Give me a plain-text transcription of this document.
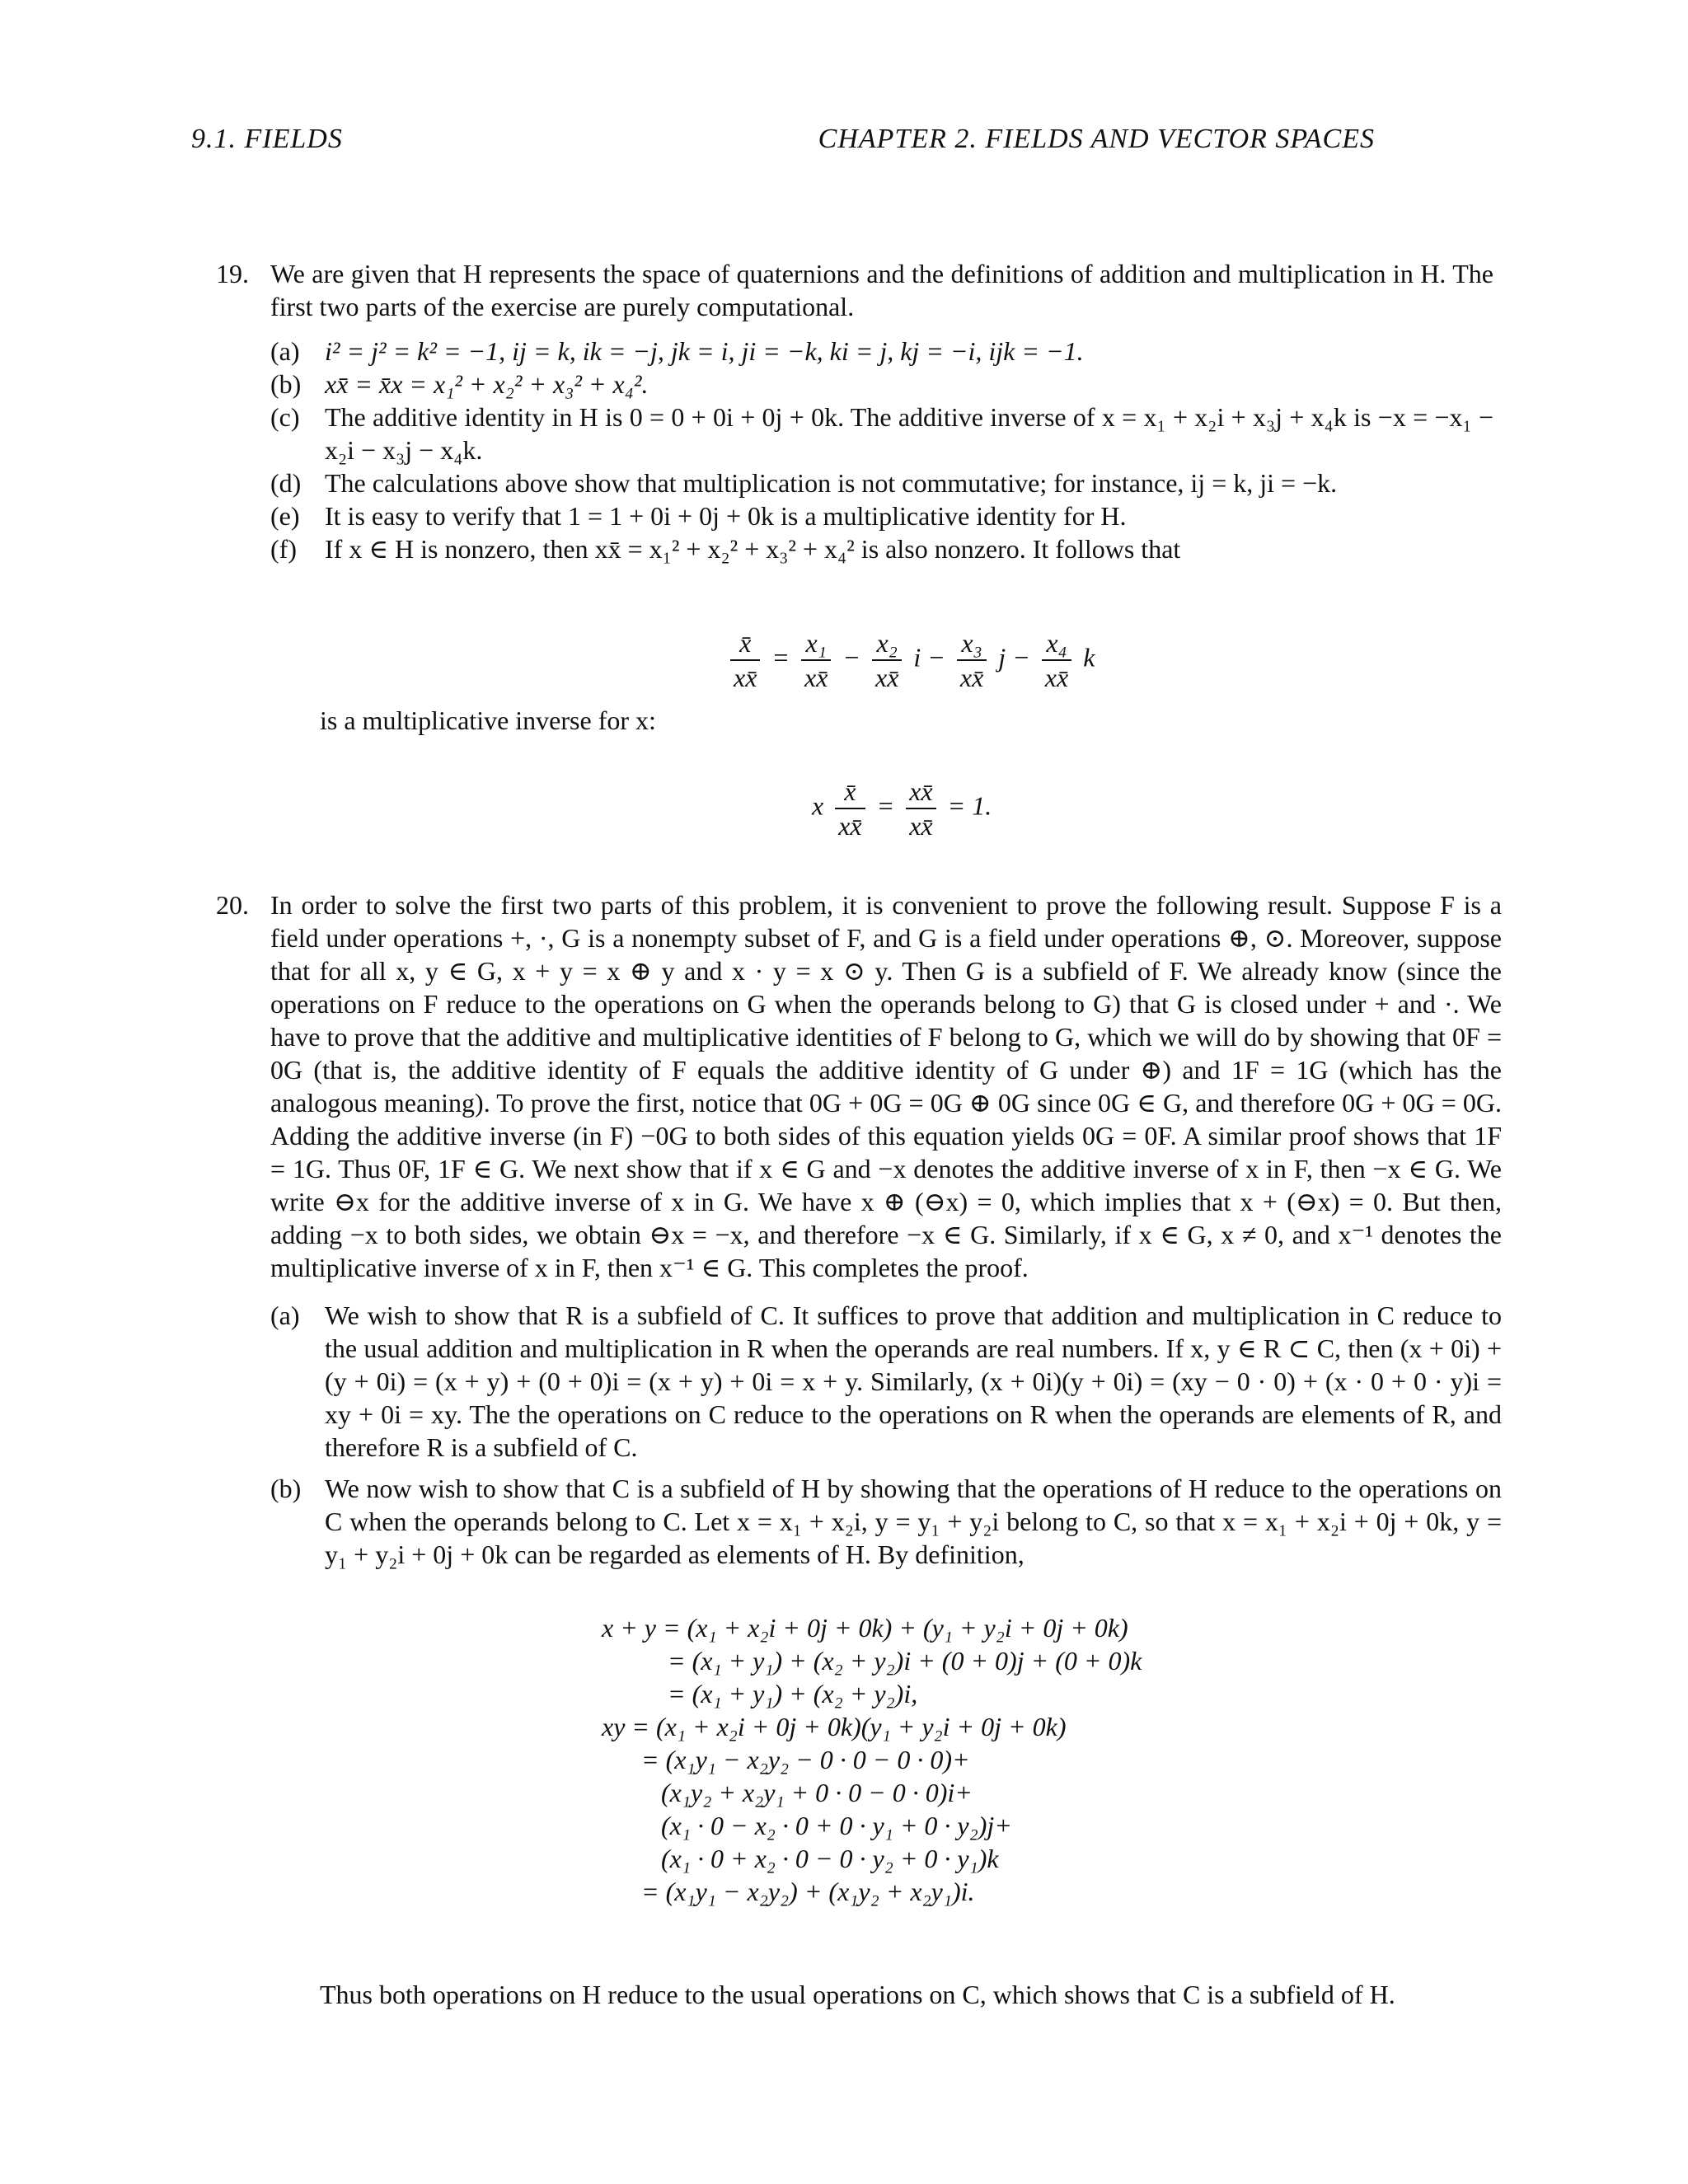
9.1. FIELDS	CHAPTER 2. FIELDS AND VECTOR SPACES
19. We are given that H represents the space of quaternions and the definitions of addition and multiplication in H. The first two parts of the exercise are purely computational.
(a) i² = j² = k² = −1, ij = k, ik = −j, jk = i, ji = −k, ki = j, kj = −i, ijk = −1.
(b) xx̄ = x̄x = x₁² + x₂² + x₃² + x₄².
(c) The additive identity in H is 0 = 0 + 0i + 0j + 0k. The additive inverse of x = x₁ + x₂i + x₃j + x₄k is −x = −x₁ − x₂i − x₃j − x₄k.
(d) The calculations above show that multiplication is not commutative; for instance, ij = k, ji = −k.
(e) It is easy to verify that 1 = 1 + 0i + 0j + 0k is a multiplicative identity for H.
(f)	If x ∈ H is nonzero, then xx̄ = x₁² + x₂² + x₃² + x₄² is also nonzero. It follows that
$\frac{x̄}{xx̄} = \frac{\text{x₁}}{xx̄} - \frac{\text{x₂}}{xx̄}$ $i - \frac{\text{x₃}}{xx̄}$ $j - \frac{\text{x₄}}{xx̄}$ k
is a multiplicative inverse for x:
x $\frac{x̄}{xx̄} = \frac{xx̄}{xx̄} = 1$.
20. In order to solve the first two parts of this problem, it is convenient to prove the following result. Suppose F is a field under operations +, ·, G is a nonempty subset of F, and G is a field under operations ⊕, ⊙. Moreover, suppose that for all x, y ∈ G, x + y = x ⊕ y and x · y = x ⊙ y. Then G is a subfield of F. We already know (since the operations on F reduce to the operations on G when the operands belong to G) that G is closed under + and ·. We have to prove that the additive and multiplicative identities of F belong to G, which we will do by showing that 0F = 0G (that is, the additive identity of F equals the additive identity of G under ⊕) and 1F = 1G (which has the analogous meaning). To prove the first, notice that 0G + 0G = 0G ⊕ 0G since 0G ∈ G, and therefore 0G + 0G = 0G. Adding the additive inverse (in F) −0G to both sides of this equation yields 0G = 0F. A similar proof shows that 1F = 1G. Thus 0F, 1F ∈ G. We next show that if x ∈ G and −x denotes the additive inverse of x in F, then −x ∈ G. We write ⊖x for the additive inverse of x in G. We have x ⊕ (⊖x) = 0, which implies that x + (⊖x) = 0. But then, adding −x to both sides, we obtain ⊖x = −x, and therefore −x ∈ G. Similarly, if x ∈ G, x ≠ 0, and x⁻¹ denotes the multiplicative inverse of x in F, then x⁻¹ ∈ G. This completes the proof.
(a) We wish to show that R is a subfield of C. It suffices to prove that addition and multiplication in C reduce to the usual addition and multiplication in R when the operands are real numbers. If x, y ∈ R ⊂ C, then (x + 0i) + (y + 0i) = (x + y) + (0 + 0)i = (x + y) + 0i = x + y. Similarly, (x + 0i)(y + 0i) = (xy − 0 · 0) + (x · 0 + 0 · y)i = xy + 0i = xy. The the operations on C reduce to the operations on R when the operands are elements of R, and therefore R is a subfield of C.
(b) We now wish to show that C is a subfield of H by showing that the operations of H reduce to the operations on C when the operands belong to C. Let x = x₁ + x₂i, y = y₁ + y₂i belong to C, so that x = x₁ + x₂i + 0j + 0k, y = y₁ + y₂i + 0j + 0k can be regarded as elements of H. By definition,
x + y = (x₁ + x₂i + 0j + 0k) + (y₁ + y₂i + 0j + 0k)
= (x₁ + y₁) + (x₂ + y₂)i + (0 + 0)j + (0 + 0)k
= (x₁ + y₁) + (x₂ + y₂)i,
xy = (x₁ + x₂i + 0j + 0k)(y₁ + y₂i + 0j + 0k)
= (x₁y₁ − x₂y₂ − 0 · 0 − 0 · 0)+
(x₁y₂ + x₂y₁ + 0 · 0 − 0 · 0)i+
(x₁ · 0 − x₂ · 0 + 0 · y₁ + 0 · y₂)j+
(x₁ · 0 + x₂ · 0 − 0 · y₂ + 0 · y₁)k
= (x₁y₁ − x₂y₂) + (x₁y₂ + x₂y₁)i.

Thus both operations on H reduce to the usual operations on C, which shows that C is a subfield of H.
